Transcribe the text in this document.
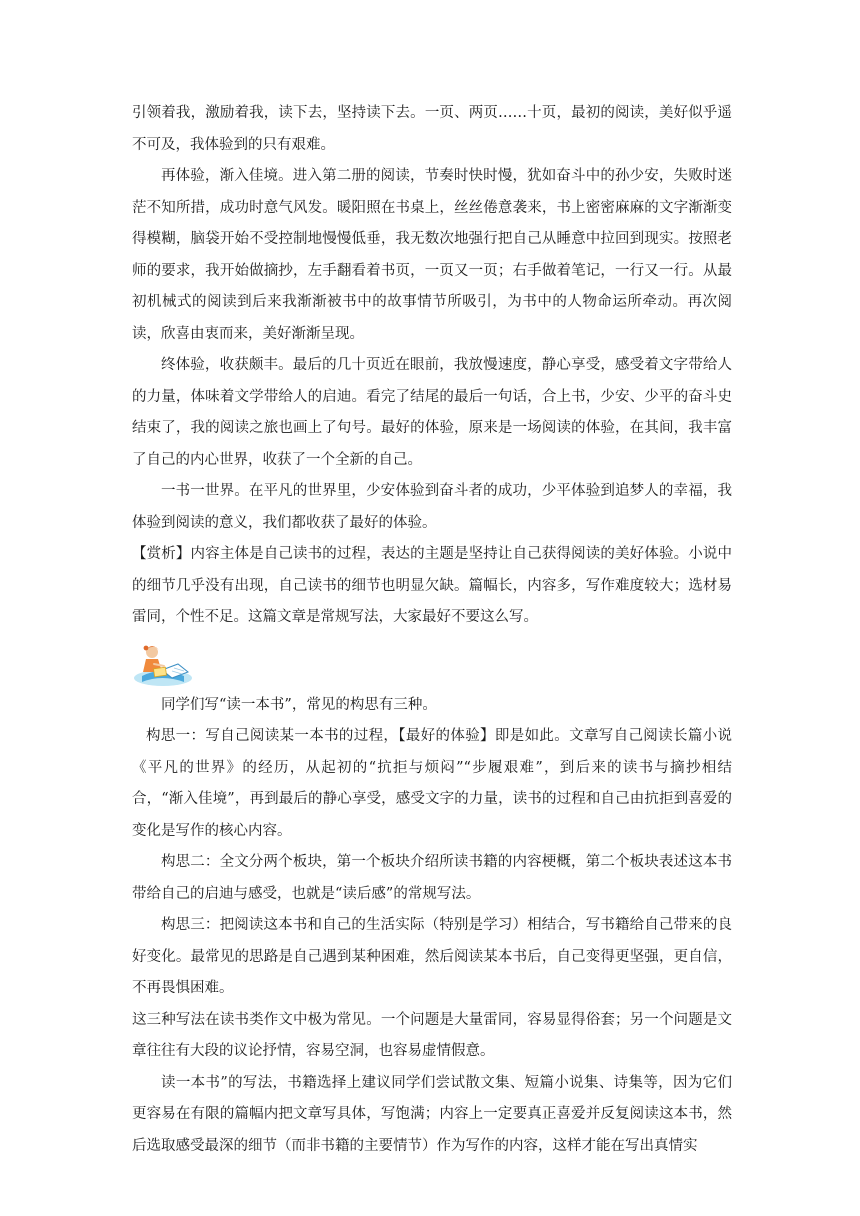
引领着我，激励着我，读下去，坚持读下去。一页、两页……十页，最初的阅读，美好似乎遥不可及，我体验到的只有艰难。

再体验，渐入佳境。进入第二册的阅读，节奏时快时慢，犹如奋斗中的孙少安，失败时迷茫不知所措，成功时意气风发。暖阳照在书桌上，丝丝倦意袭来，书上密密麻麻的文字渐渐变得模糊，脑袋开始不受控制地慢慢低垂，我无数次地强行把自己从睡意中拉回到现实。按照老师的要求，我开始做摘抄，左手翻看着书页，一页又一页；右手做着笔记，一行又一行。从最初机械式的阅读到后来我渐渐被书中的故事情节所吸引，为书中的人物命运所牵动。再次阅读，欣喜由衷而来，美好渐渐呈现。

终体验，收获颇丰。最后的几十页近在眼前，我放慢速度，静心享受，感受着文字带给人的力量，体味着文学带给人的启迪。看完了结尾的最后一句话，合上书，少安、少平的奋斗史结束了，我的阅读之旅也画上了句号。最好的体验，原来是一场阅读的体验，在其间，我丰富了自己的内心世界，收获了一个全新的自己。

一书一世界。在平凡的世界里，少安体验到奋斗者的成功，少平体验到追梦人的幸福，我体验到阅读的意义，我们都收获了最好的体验。

【赏析】内容主体是自己读书的过程，表达的主题是坚持让自己获得阅读的美好体验。小说中的细节几乎没有出现，自己读书的细节也明显欠缺。篇幅长，内容多，写作难度较大；选材易雷同，个性不足。这篇文章是常规写法，大家最好不要这么写。

同学们写“读一本书”，常见的构思有三种。

构思一：写自己阅读某一本书的过程，【最好的体验】即是如此。文章写自己阅读长篇小说《平凡的世界》的经历，从起初的“抗拒与烦闷”“步履艰难”，到后来的读书与摘抄相结合，“渐入佳境”，再到最后的静心享受，感受文字的力量，读书的过程和自己由抗拒到喜爱的变化是写作的核心内容。

构思二：全文分两个板块，第一个板块介绍所读书籍的内容梗概，第二个板块表述这本书带给自己的启迪与感受，也就是“读后感”的常规写法。

构思三：把阅读这本书和自己的生活实际（特别是学习）相结合，写书籍给自己带来的良好变化。最常见的思路是自己遇到某种困难，然后阅读某本书后，自己变得更坚强，更自信，不再畏惧困难。

这三种写法在读书类作文中极为常见。一个问题是大量雷同，容易显得俗套；另一个问题是文章往往有大段的议论抒情，容易空洞，也容易虚情假意。

读一本书”的写法，书籍选择上建议同学们尝试散文集、短篇小说集、诗集等，因为它们更容易在有限的篇幅内把文章写具体，写饱满；内容上一定要真正喜爱并反复阅读这本书，然后选取感受最深的细节（而非书籍的主要情节）作为写作的内容，这样才能在写出真情实
